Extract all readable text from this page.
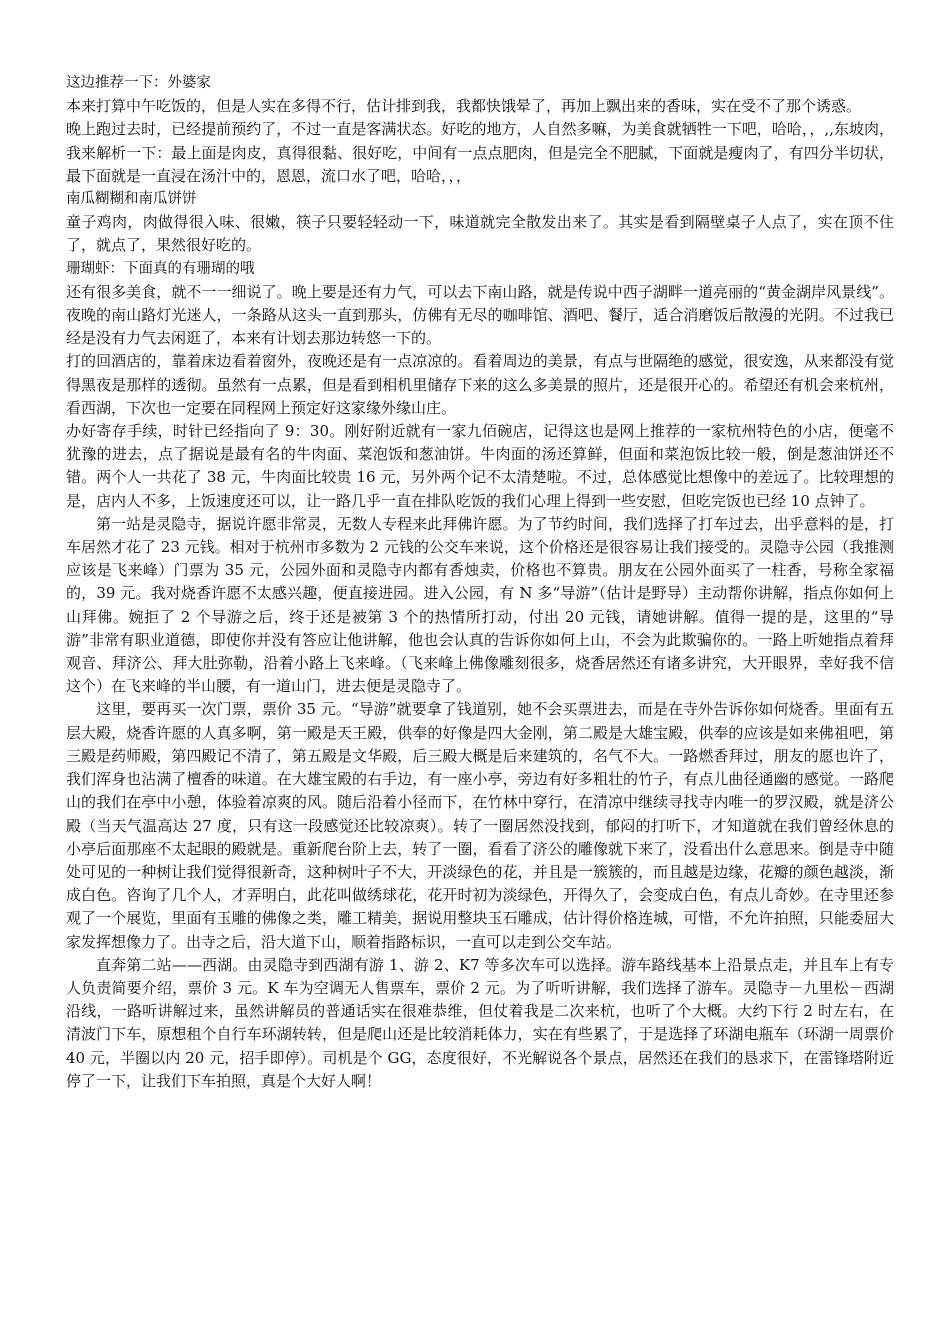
这边推荐一下：外婆家

本来打算中午吃饭的，但是人实在多得不行，估计排到我，我都快饿晕了，再加上飘出来的香味，实在受不了那个诱惑。

晚上跑过去时，已经提前预约了，不过一直是客满状态。好吃的地方，人自然多嘛，为美食就牺牲一下吧，哈哈，，,,东坡肉，我来解析一下：最上面是肉皮，真得很黏、很好吃，中间有一点点肥肉，但是完全不肥腻，下面就是瘦肉了，有四分半切状，最下面就是一直浸在汤汁中的，恩恩，流口水了吧，哈哈，，，

南瓜糊糊和南瓜饼饼

童子鸡肉，肉做得很入味、很嫩，筷子只要轻轻动一下，味道就完全散发出来了。其实是看到隔壁桌子人点了，实在顶不住了，就点了，果然很好吃的。

珊瑚虾：下面真的有珊瑚的哦

还有很多美食，就不一一细说了。晚上要是还有力气，可以去下南山路，就是传说中西子湖畔一道亮丽的“黄金湖岸风景线”。夜晚的南山路灯光迷人，一条路从这头一直到那头，仿佛有无尽的咖啡馆、酒吧、餐厅，适合消磨饭后散漫的光阴。不过我已经是没有力气去闲逛了，本来有计划去那边转悠一下的。

打的回酒店的，靠着床边看着窗外，夜晚还是有一点凉凉的。看着周边的美景，有点与世隔绝的感觉，很安逸，从来都没有觉得黑夜是那样的透彻。虽然有一点累，但是看到相机里储存下来的这么多美景的照片，还是很开心的。希望还有机会来杭州，看西湖，下次也一定要在同程网上预定好这家缘外缘山庄。

办好寄存手续，时针已经指向了 9：30。刚好附近就有一家九佰碗店，记得这也是网上推荐的一家杭州特色的小店，便毫不犹豫的进去，点了据说是最有名的牛肉面、菜泡饭和葱油饼。牛肉面的汤还算鲜，但面和菜泡饭比较一般，倒是葱油饼还不错。两个人一共花了 38 元，牛肉面比较贵 16 元，另外两个记不太清楚啦。不过，总体感觉比想像中的差远了。比较理想的是，店内人不多，上饭速度还可以，让一路几乎一直在排队吃饭的我们心理上得到一些安慰，但吃完饭也已经 10 点钟了。

第一站是灵隐寺，据说许愿非常灵，无数人专程来此拜佛许愿。为了节约时间，我们选择了打车过去，出乎意料的是，打车居然才花了 23 元钱。相对于杭州市多数为 2 元钱的公交车来说，这个价格还是很容易让我们接受的。灵隐寺公园（我推测应该是飞来峰）门票为 35 元，公园外面和灵隐寺内都有香烛卖，价格也不算贵。朋友在公园外面买了一柱香，号称全家福的，39 元。我对烧香许愿不太感兴趣，便直接进园。进入公园，有 N 多“导游”（估计是野导）主动帮你讲解，指点你如何上山拜佛。婉拒了 2 个导游之后，终于还是被第 3 个的热情所打动，付出 20 元钱，请她讲解。值得一提的是，这里的“导游”非常有职业道德，即使你并没有答应让他讲解，他也会认真的告诉你如何上山，不会为此欺骗你的。一路上听她指点着拜观音、拜济公、拜大肚弥勒，沿着小路上飞来峰。（飞来峰上佛像雕刻很多，烧香居然还有诸多讲究，大开眼界，幸好我不信这个）在飞来峰的半山腰，有一道山门，进去便是灵隐寺了。

这里，要再买一次门票，票价 35 元。“导游”就要拿了钱道别，她不会买票进去，而是在寺外告诉你如何烧香。里面有五层大殿，烧香许愿的人真多啊，第一殿是天王殿，供奉的好像是四大金刚，第二殿是大雄宝殿，供奉的应该是如来佛祖吧，第三殿是药师殿，第四殿记不清了，第五殿是文华殿，后三殿大概是后来建筑的，名气不大。一路燃香拜过，朋友的愿也许了，我们浑身也沾满了檀香的味道。在大雄宝殿的右手边，有一座小亭，旁边有好多粗壮的竹子，有点儿曲径通幽的感觉。一路爬山的我们在亭中小憩，体验着凉爽的风。随后沿着小径而下，在竹林中穿行，在清凉中继续寻找寺内唯一的罗汉殿，就是济公殿（当天气温高达 27 度，只有这一段感觉还比较凉爽）。转了一圈居然没找到，郁闷的打听下，才知道就在我们曾经休息的小亭后面那座不太起眼的殿就是。重新爬台阶上去，转了一圈，看看了济公的雕像就下来了，没看出什么意思来。倒是寺中随处可见的一种树让我们觉得很新奇，这种树叶子不大，开淡绿色的花，并且是一簇簇的，而且越是边缘，花瓣的颜色越淡，渐成白色。咨询了几个人，才弄明白，此花叫做绣球花，花开时初为淡绿色，开得久了，会变成白色，有点儿奇妙。在寺里还参观了一个展览，里面有玉雕的佛像之类，雕工精美，据说用整块玉石雕成，估计得价格连城，可惜，不允许拍照，只能委屈大家发挥想像力了。出寺之后，沿大道下山，顺着指路标识，一直可以走到公交车站。

直奔第二站——西湖。由灵隐寺到西湖有游 1、游 2、K7 等多次车可以选择。游车路线基本上沿景点走，并且车上有专人负责简要介绍，票价 3 元。K 车为空调无人售票车，票价 2 元。为了听听讲解，我们选择了游车。灵隐寺－九里松－西湖沿线，一路听讲解过来，虽然讲解员的普通话实在很难恭维，但仗着我是二次来杭，也听了个大概。大约下行 2 时左右，在清波门下车，原想租个自行车环湖转转，但是爬山还是比较消耗体力，实在有些累了，于是选择了环湖电瓶车（环湖一周票价 40 元，半圈以内 20 元，招手即停）。司机是个 GG，态度很好，不光解说各个景点，居然还在我们的恳求下，在雷锋塔附近停了一下，让我们下车拍照，真是个大好人啊！
